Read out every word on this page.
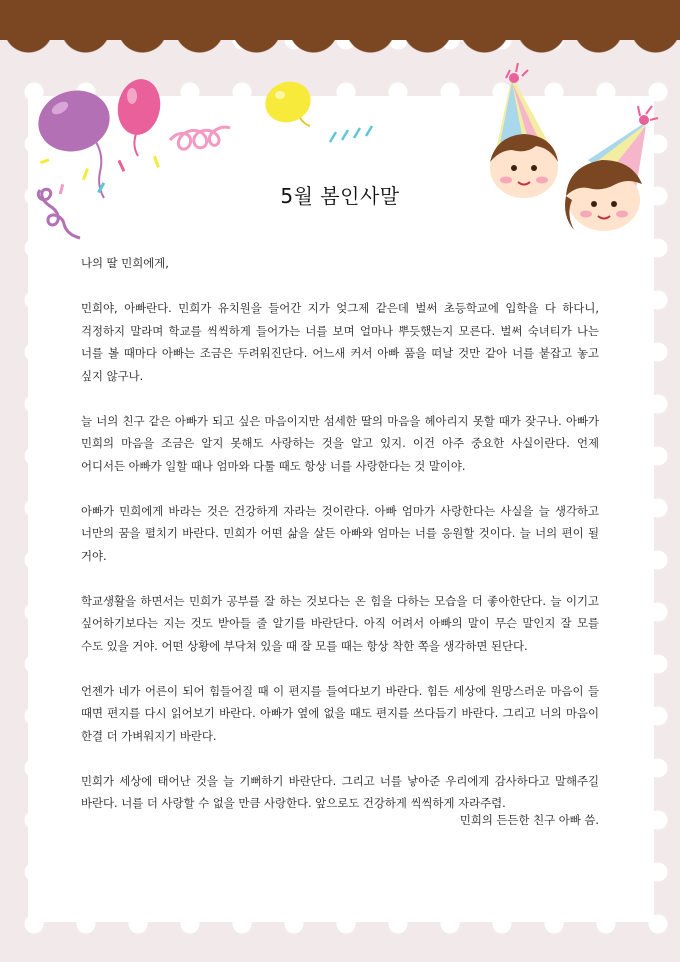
5월 봄인사말

나의 딸 민희에게,

민희야, 아빠란다. 민희가 유치원을 들어간 지가 엊그제 같은데 벌써 초등학교에 입학을 다 하다니, 걱정하지 말라며 학교를 씩씩하게 들어가는 너를 보며 얼마나 뿌듯했는지 모른다. 벌써 숙녀티가 나는 너를 볼 때마다 아빠는 조금은 두려워진단다. 어느새 커서 아빠 품을 떠날 것만 같아 너를 붙잡고 놓고 싶지 않구나.

늘 너의 친구 같은 아빠가 되고 싶은 마음이지만 섬세한 딸의 마음을 헤아리지 못할 때가 잦구나. 아빠가 민희의 마음을 조금은 알지 못해도 사랑하는 것을 알고 있지. 이건 아주 중요한 사실이란다. 언제 어디서든 아빠가 일할 때나 엄마와 다툴 때도 항상 너를 사랑한다는 것 말이야.

아빠가 민희에게 바라는 것은 건강하게 자라는 것이란다. 아빠 엄마가 사랑한다는 사실을 늘 생각하고 너만의 꿈을 펼치기 바란다. 민희가 어떤 삶을 살든 아빠와 엄마는 너를 응원할 것이다. 늘 너의 편이 될 거야.

학교생활을 하면서는 민희가 공부를 잘 하는 것보다는 온 힘을 다하는 모습을 더 좋아한단다. 늘 이기고 싶어하기보다는 지는 것도 받아들 줄 알기를 바란단다. 아직 어려서 아빠의 말이 무슨 말인지 잘 모를 수도 있을 거야. 어떤 상황에 부닥쳐 있을 때 잘 모를 때는 항상 착한 쪽을 생각하면 된단다.

언젠가 네가 어른이 되어 힘들어질 때 이 편지를 들여다보기 바란다. 힘든 세상에 원망스러운 마음이 들 때면 편지를 다시 읽어보기 바란다. 아빠가 옆에 없을 때도 편지를 쓰다듬기 바란다. 그리고 너의 마음이 한결 더 가벼워지기 바란다.

민희가 세상에 태어난 것을 늘 기뻐하기 바란단다. 그리고 너를 낳아준 우리에게 감사하다고 말해주길 바란다. 너를 더 사랑할 수 없을 만큼 사랑한다. 앞으로도 건강하게 씩씩하게 자라주렴.

민희의 든든한 친구 아빠 씀.
